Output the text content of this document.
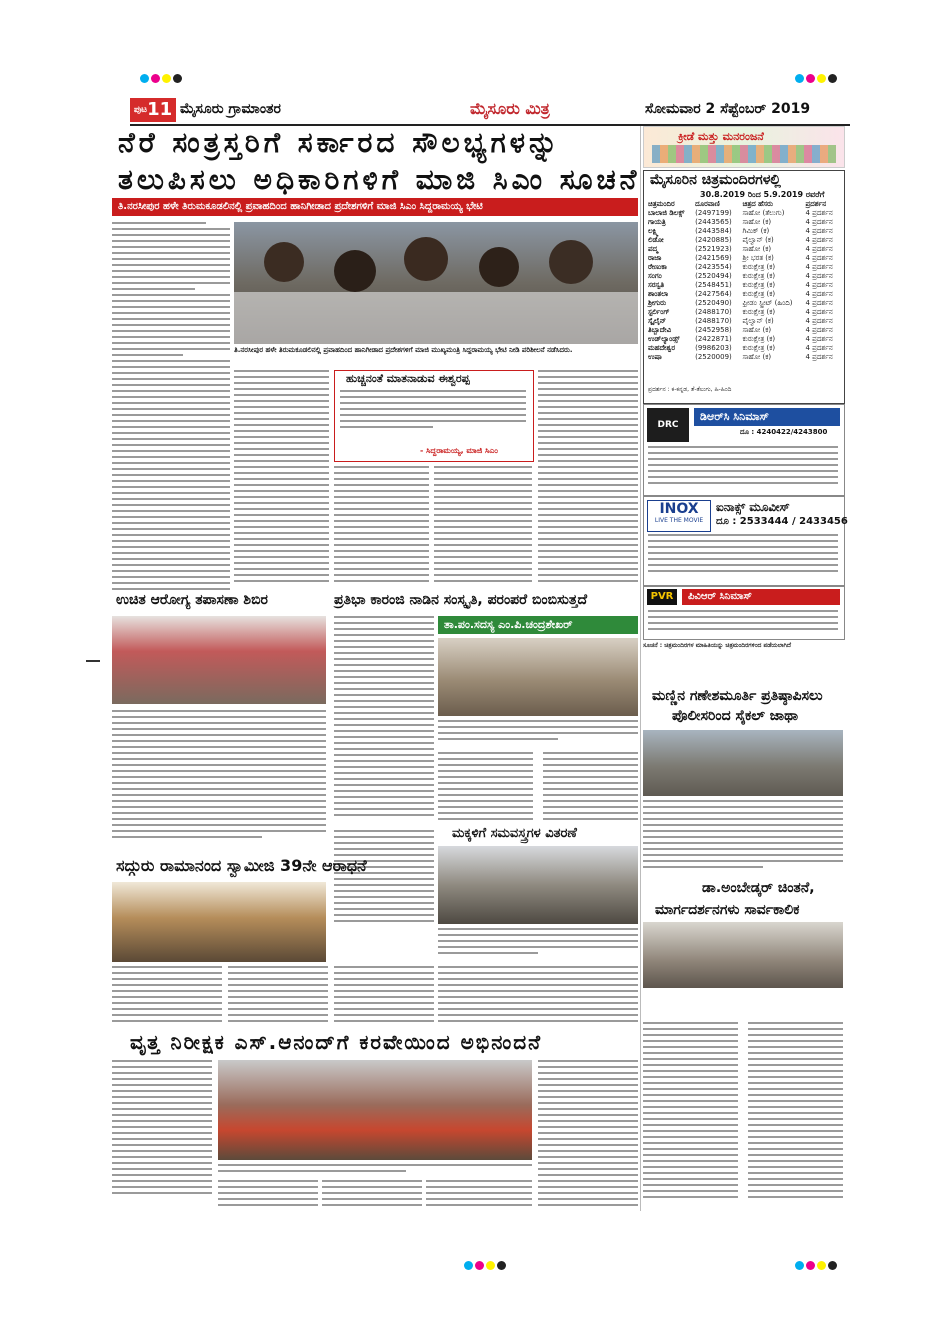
$^{ಪುಟ}$11 ಮೈಸೂರು ಗ್ರಾಮಾಂತರ	ಮೈಸೂರು ಮಿತ್ರ	ಸೋಮವಾರ 2 ಸೆಪ್ಟೆಂಬರ್ 2019
ನೆರೆ ಸಂತ್ರಸ್ತರಿಗೆ ಸರ್ಕಾರದ ಸೌಲಭ್ಯಗಳನ್ನು
ತಲುಪಿಸಲು ಅಧಿಕಾರಿಗಳಿಗೆ ಮಾಜಿ ಸಿಎಂ ಸೂಚನೆ
ತಿ.ನರಸೀಪುರ ಹಳೇ ತಿರುಮಕೂಡಲಿನಲ್ಲಿ ಪ್ರವಾಹದಿಂದ ಹಾನಿಗೀಡಾದ ಪ್ರದೇಶಗಳಿಗೆ ಮಾಜಿ ಸಿಎಂ ಸಿದ್ದರಾಮಯ್ಯ ಭೇಟಿ
ತಿ.ನರಸೀಪುರ ಹಳೇ ತಿರುಮಕೂಡಲಿನಲ್ಲಿ ಪ್ರವಾಹದಿಂದ ಹಾನಿಗೀಡಾದ ಪ್ರದೇಶಗಳಿಗೆ ಮಾಜಿ ಮುಖ್ಯಮಂತ್ರಿ ಸಿದ್ದರಾಮಯ್ಯ ಭೇಟಿ ನೀಡಿ ಪರಿಶೀಲನೆ ನಡೆಸಿದರು.
ಹುಚ್ಚನಂತೆ ಮಾತನಾಡುವ ಈಶ್ವರಪ್ಪ
- ಸಿದ್ದರಾಮಯ್ಯ, ಮಾಜಿ ಸಿಎಂ
ಕ್ರೀಡೆ ಮತ್ತು ಮನರಂಜನೆ
ಮೈಸೂರಿನ ಚಿತ್ರಮಂದಿರಗಳಲ್ಲಿ
30.8.2019 ರಿಂದ 5.9.2019 ರವರೆಗೆ
ಚಿತ್ರಮಂದಿರ	ದೂರವಾಣಿ	ಚಿತ್ರದ ಹೆಸರು	ಪ್ರದರ್ಶನ
ಬಾಲಾಜಿ ಡಿಲಕ್ಸ್	(2497199)	ಸಾಹೋ (ತೆಲುಗು)	4 ಪ್ರದರ್ಶನ
ಗಾಯತ್ರಿ	(2443565)	ಸಾಹೋ (ಕ)	4 ಪ್ರದರ್ಶನ
ಲಕ್ಷ್ಮಿ	(2443584)	ಗಿಮಿಕ್ (ಕ)	4 ಪ್ರದರ್ಶನ
ಲಿಡೋ	(2420885)	ಪೈಲ್ವಾನ್ (ಕ)	4 ಪ್ರದರ್ಶನ
ಪದ್ಮ	(2521923)	ಸಾಹೋ (ಕ)	4 ಪ್ರದರ್ಶನ
ರಾಜಾ	(2421569)	ಶ್ರೀ ಭರತ (ಕ)	4 ಪ್ರದರ್ಶನ
ರೇಣುಕಾ	(2423554)	ಕುರುಕ್ಷೇತ್ರ (ಕ)	4 ಪ್ರದರ್ಶನ
ಸಂಗಂ	(2520494)	ಕುರುಕ್ಷೇತ್ರ (ಕ)	4 ಪ್ರದರ್ಶನ
ಸರಸ್ವತಿ	(2548451)	ಕುರುಕ್ಷೇತ್ರ (ಕ)	4 ಪ್ರದರ್ಶನ
ಶಾಂತಲಾ	(2427564)	ಕುರುಕ್ಷೇತ್ರ (ಕ)	4 ಪ್ರದರ್ಶನ
ಶ್ರೀಗುರು	(2520490)	ಫ್ರೀಡಂ ಸ್ಟ್ರೀಟ್ (ಹಿಂದಿ)	4 ಪ್ರದರ್ಶನ
ಸ್ಟರ್ಲಿಂಗ್	(2488170)	ಕುರುಕ್ಷೇತ್ರ (ಕ)	4 ಪ್ರದರ್ಶನ
ಸ್ಕೈಲೈನ್	(2488170)	ಪೈಲ್ವಾನ್ (ಕ)	4 ಪ್ರದರ್ಶನ
ತಿಬ್ಬಾದೇವಿ	(2452958)	ಸಾಹೋ (ಕ)	4 ಪ್ರದರ್ಶನ
ಉಡ್‌ಲ್ಯಾಂಡ್ಸ್	(2422871)	ಕುರುಕ್ಷೇತ್ರ (ಕ)	4 ಪ್ರದರ್ಶನ
ಮಹದೇಶ್ವರ	(9986203)	ಕುರುಕ್ಷೇತ್ರ (ಕ)	4 ಪ್ರದರ್ಶನ
ಉಷಾ	(2520009)	ಸಾಹೋ (ಕ)	4 ಪ್ರದರ್ಶನ
ಪ್ರದರ್ಶನ : ಕ-ಕನ್ನಡ, ತೆ-ತೆಲುಗು, ಹಿ-ಹಿಂದಿ
DRC
ಡಿಆರ್‌ಸಿ ಸಿನಿಮಾಸ್
ದೂ : 4240422/4243800
INOX
LIVE THE MOVIE
ಐನಾಕ್ಸ್ ಮೂವೀಸ್
ದೂ : 2533444 / 2433456
PVR	ಪಿವಿಆರ್ ಸಿನಿಮಾಸ್
ಸೂಚನೆ : ಚಿತ್ರಮಂದಿರಗಳ ಮಾಹಿತಿಯನ್ನು ಚಿತ್ರಮಂದಿರಗಳಿಂದ ಪಡೆಯಲಾಗಿದೆ
ಮಣ್ಣಿನ ಗಣೇಶಮೂರ್ತಿ ಪ್ರತಿಷ್ಠಾಪಿಸಲು
ಪೊಲೀಸರಿಂದ ಸೈಕಲ್ ಜಾಥಾ
ಡಾ.ಅಂಬೇಡ್ಕರ್ ಚಿಂತನೆ,
ಮಾರ್ಗದರ್ಶನಗಳು ಸಾರ್ವಕಾಲಿಕ
ಉಚಿತ ಆರೋಗ್ಯ ತಪಾಸಣಾ ಶಿಬಿರ	ಪ್ರತಿಭಾ ಕಾರಂಜಿ ನಾಡಿನ ಸಂಸ್ಕೃತಿ, ಪರಂಪರೆ ಬಿಂಬಿಸುತ್ತದೆ
ತಾ.ಪಂ.ಸದಸ್ಯ ಎಂ.ಪಿ.ಚಂದ್ರಶೇಖರ್
ಮಕ್ಕಳಿಗೆ ಸಮವಸ್ತ್ರಗಳ ವಿತರಣೆ
ಸದ್ಗುರು ರಾಮಾನಂದ ಸ್ವಾಮೀಜಿ 39ನೇ ಆರಾಧನೆ
ವೃತ್ತ ನಿರೀಕ್ಷಕ ಎಸ್.ಆನಂದ್‌ಗೆ ಕರವೇಯಿಂದ ಅಭಿನಂದನೆ
